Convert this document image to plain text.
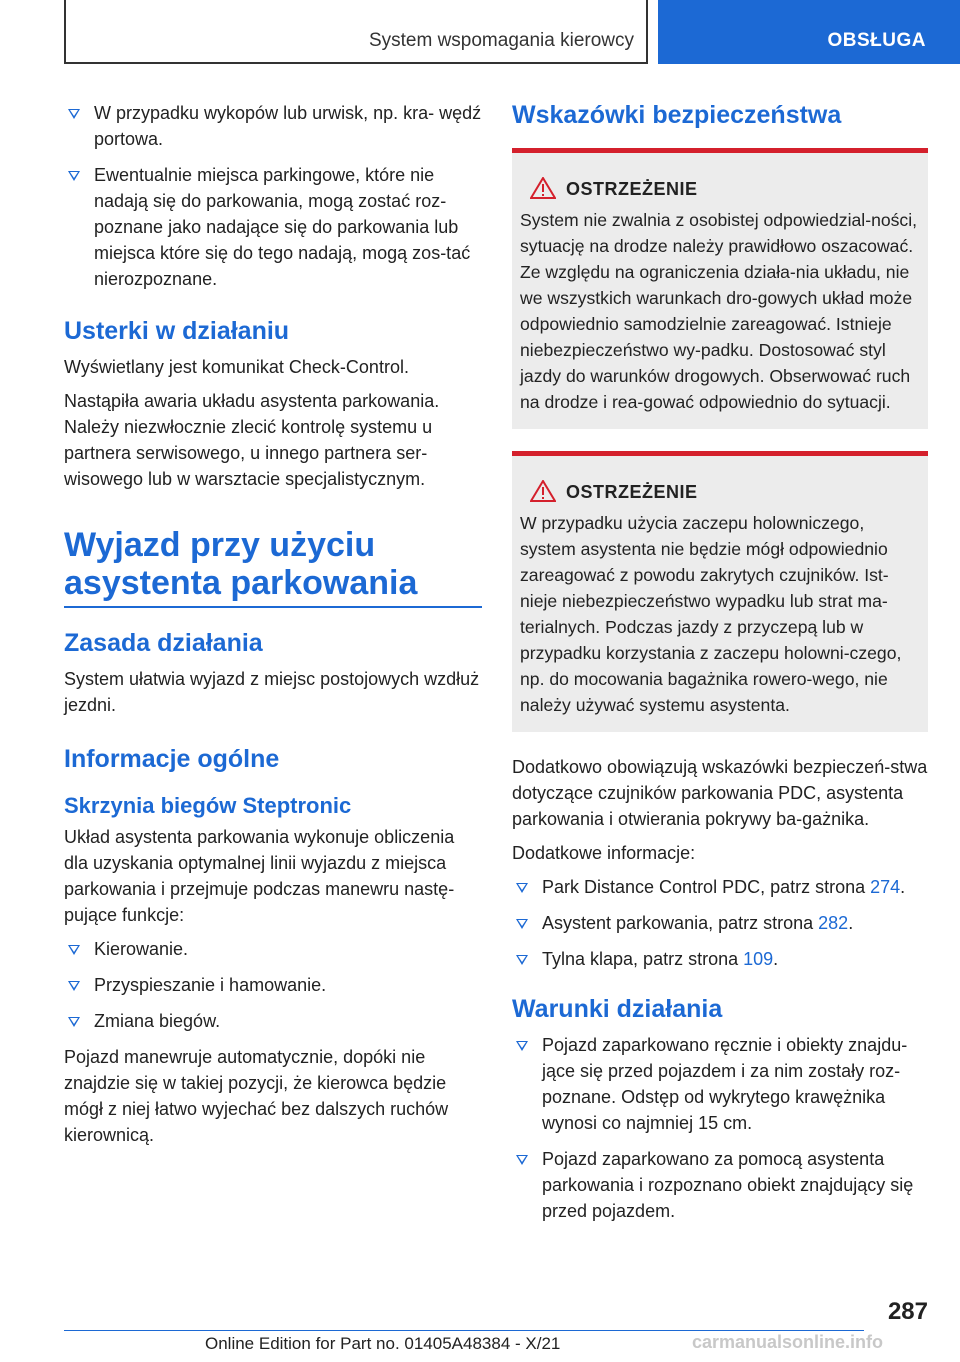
System wspomagania kierowcy	OBSŁUGA
W przypadku wykopów lub urwisk, np. kra- wędź portowa.
Ewentualnie miejsca parkingowe, które nie nadają się do parkowania, mogą zostać roz-poznane jako nadające się do parkowania lub miejsca które się do tego nadają, mogą zos-tać nierozpoznane.
Usterki w działaniu

Wyświetlany jest komunikat Check-Control.

Nastąpiła awaria układu asystenta parkowania. Należy niezwłocznie zlecić kontrolę systemu u partnera serwisowego, u innego partnera ser-wisowego lub w warsztacie specjalistycznym.

Wyjazd przy użyciu
asystenta parkowania
Zasada działania

System ułatwia wyjazd z miejsc postojowych wzdłuż jezdni.

Informacje ogólne
Skrzynia biegów Steptronic

Układ asystenta parkowania wykonuje obliczenia dla uzyskania optymalnej linii wyjazdu z miejsca parkowania i przejmuje podczas manewru nastę-pujące funkcje:

Kierowanie.
Przyspieszanie i hamowanie.
Zmiana biegów.

Pojazd manewruje automatycznie, dopóki nie znajdzie się w takiej pozycji, że kierowca będzie mógł z niej łatwo wyjechać bez dalszych ruchów kierownicą.

Wskazówki bezpieczeństwa
OSTRZEŻENIE

System nie zwalnia z osobistej odpowiedzial-ności, sytuację na drodze należy prawidłowo oszacować. Ze względu na ograniczenia działa-nia układu, nie we wszystkich warunkach dro-gowych układ może odpowiednio samodzielnie zareagować. Istnieje niebezpieczeństwo wy-padku. Dostosować styl jazdy do warunków drogowych. Obserwować ruch na drodze i rea-gować odpowiednio do sytuacji.

OSTRZEŻENIE

W przypadku użycia zaczepu holowniczego, system asystenta nie będzie mógł odpowiednio zareagować z powodu zakrytych czujników. Ist-nieje niebezpieczeństwo wypadku lub strat ma-terialnych. Podczas jazdy z przyczepą lub w przypadku korzystania z zaczepu holowni-czego, np. do mocowania bagażnika rowero-wego, nie należy używać systemu asystenta.

Dodatkowo obowiązują wskazówki bezpieczeń-stwa dotyczące czujników parkowania PDC, asystenta parkowania i otwierania pokrywy ba-gażnika.

Dodatkowe informacje:

Park Distance Control PDC, patrz strona 274.
Asystent parkowania, patrz strona 282.
Tylna klapa, patrz strona 109.
Warunki działania
Pojazd zaparkowano ręcznie i obiekty znajdu-jące się przed pojazdem i za nim zostały roz-poznane. Odstęp od wykrytego krawężnika wynosi co najmniej 15 cm.
Pojazd zaparkowano za pomocą asystenta parkowania i rozpoznano obiekt znajdujący się przed pojazdem.
287
Online Edition for Part no. 01405A48384 - X/21	carmanualsonline.info
